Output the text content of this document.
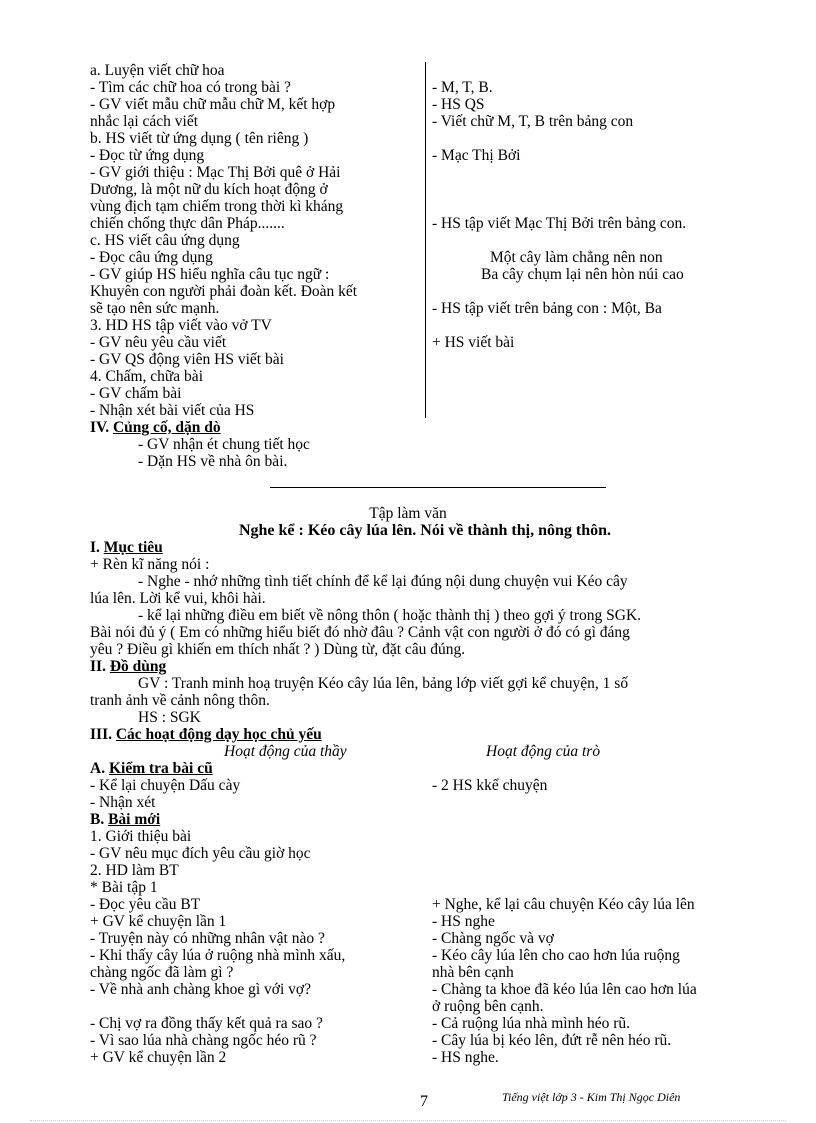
a. Luyện viết chữ hoa
- Tìm các chữ hoa có trong bài ?
- GV viết mẫu chữ mẫu chữ M, kết hợp
nhắc lại cách viết
b. HS viết từ ứng dụng ( tên riêng )
- Đọc từ ứng dụng
- GV giới thiệu : Mạc Thị Bởi quê ở Hải
Dương, là một nữ du kích hoạt động ở
vùng địch tạm chiếm trong thời kì kháng
chiến chống thực dân Pháp.......
c. HS viết câu ứng dụng
- Đọc câu ứng dụng
- GV giúp HS hiểu nghĩa câu tục ngữ :
Khuyên con người phải đoàn kết. Đoàn kết
sẽ tạo nên sức mạnh.
3. HD HS tập viết vào vở TV
- GV nêu yêu cầu viết
- GV QS động viên HS viết bài
4. Chấm, chữa bài
- GV chấm bài
- Nhận xét bài viết của HS
- M, T, B.
- HS QS
- Viết chữ M, T, B trên bảng con
- Mạc Thị Bởi
- HS tập viết Mạc Thị Bởi trên bảng con.
Một cây làm chẳng nên non
Ba cây chụm lại nên hòn núi cao
- HS tập viết trên bảng con : Một, Ba
+ HS viết bài
IV. Củng cố, dặn dò
- GV nhận ét chung tiết học
- Dặn HS về nhà ôn bài.
Tập làm văn
Nghe kể : Kéo cây lúa lên. Nói về thành thị, nông thôn.
I. Mục tiêu
+ Rèn kĩ năng nói :
- Nghe - nhớ những tình tiết chính để kể lại đúng nội dung chuyện vui Kéo cây
lúa lên. Lời kể vui, khôi hài.
- kể lại những điều em biết về nông thôn ( hoặc thành thị ) theo gợi ý trong SGK.
Bài nói đủ ý ( Em có những hiểu biết đó nhờ đâu ? Cảnh vật con người ở đó có gì đáng
yêu ? Điều gì khiến em thích nhất ? ) Dùng từ, đặt câu đúng.
II. Đồ dùng
GV : Tranh minh hoạ truyện Kéo cây lúa lên, bảng lớp viết gợi kể chuyện, 1 số
tranh ảnh về cảnh nông thôn.
HS : SGK
III. Các hoạt động dạy học chủ yếu
Hoạt động của thầy	Hoạt động của trò
A. Kiểm tra bài cũ
- Kể lại chuyện Dấu cày
- Nhận xét
B. Bài mới
1. Giới thiệu bài
- GV nêu mục đích yêu cầu giờ học
2. HD làm BT
* Bài tập 1
- Đọc yêu cầu BT
+ GV kể chuyện lần 1
- Truyện này có những nhân vật nào ?
- Khi thấy cây lúa ở ruộng nhà mình xấu,
chàng ngốc đã làm gì ?
- Về nhà anh chàng khoe gì với vợ?
- Chị vợ ra đồng thấy kết quả ra sao ?
- Vì sao lúa nhà chàng ngốc héo rũ ?
+ GV kể chuyện lần 2
- 2 HS kkể chuyện
+ Nghe, kể lại câu chuyện Kéo cây lúa lên
- HS nghe
- Chàng ngốc và vợ
- Kéo cây lúa lên cho cao hơn lúa ruộng
nhà bên cạnh
- Chàng ta khoe đã kéo lúa lên cao hơn lúa
ở ruộng bên cạnh.
- Cả ruộng lúa nhà mình héo rũ.
- Cây lúa bị kéo lên, đứt rễ nên héo rũ.
- HS nghe.
7	Tiếng việt lớp 3 - Kim Thị Ngọc Diên
